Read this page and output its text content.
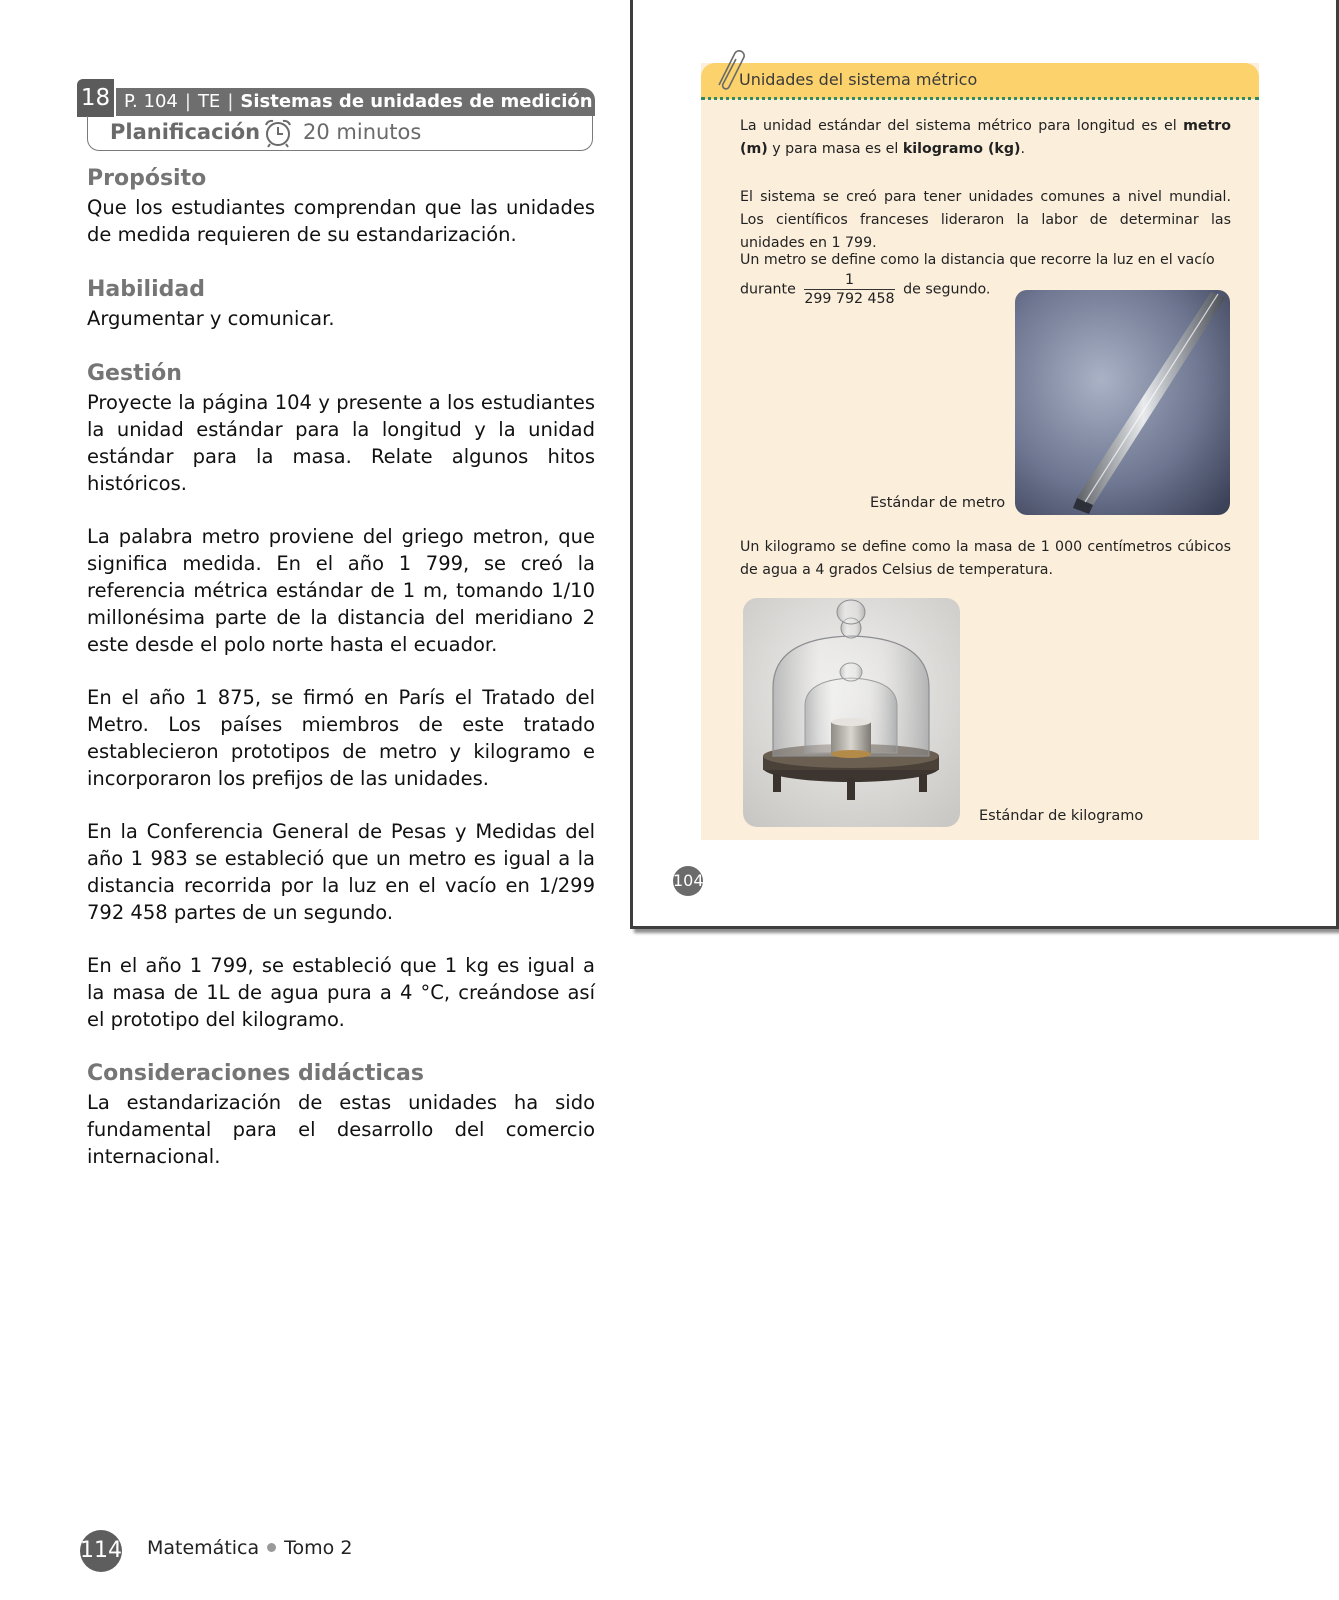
18 P. 104 | TE | Sistemas de unidades de medición
Planificación 20 minutos
Propósito

Que los estudiantes comprendan que las unidades de medida requieren de su estandarización.

Habilidad

Argumentar y comunicar.

Gestión

Proyecte la página 104 y presente a los estudiantes la unidad estándar para la longitud y la unidad estándar para la masa. Relate algunos hitos históricos.

La palabra metro proviene del griego metron, que significa medida. En el año 1 799, se creó la referencia métrica estándar de 1 m, tomando 1/10 millonésima parte de la distancia del meridiano 2 este desde el polo norte hasta el ecuador.

En el año 1 875, se firmó en París el Tratado del Metro. Los países miembros de este tratado establecieron prototipos de metro y kilogramo e incorporaron los prefijos de las unidades.

En la Conferencia General de Pesas y Medidas del año 1 983 se estableció que un metro es igual a la distancia recorrida por la luz en el vacío en 1/299 792 458 partes de un segundo.

En el año 1 799, se estableció que 1 kg es igual a la masa de 1L de agua pura a 4 °C, creándose así el prototipo del kilogramo.

Consideraciones didácticas

La estandarización de estas unidades ha sido fundamental para el desarrollo del comercio internacional.

Unidades del sistema métrico

La unidad estándar del sistema métrico para longitud es el metro (m) y para masa es el kilogramo (kg).

El sistema se creó para tener unidades comunes a nivel mundial. Los científicos franceses lideraron la labor de determinar las unidades en 1 799.

Un metro se define como la distancia que recorre la luz en el vacío

durante $\frac{1}{299 792 458}$ de segundo.

Un kilogramo se define como la masa de 1 000 centímetros cúbicos de agua a 4 grados Celsius de temperatura.

Estándar de metro
Estándar de kilogramo
104
114 Matemática Tomo 2
